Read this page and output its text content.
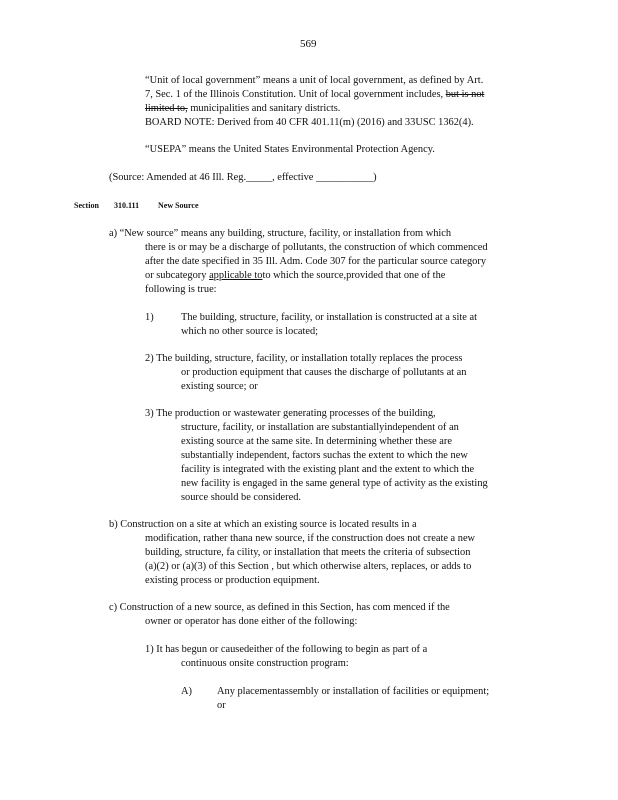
569
“Unit of local government” means a unit of local government, as defined by Art.
7, Sec. 1 of the Illinois Constitution. Unit of local government includes, but is not
limited to, municipalities and sanitary districts.
BOARD NOTE: Derived from 40 CFR 401.11(m) (2016) and 33USC 1362(4).
“USEPA” means the United States Environmental Protection Agency.
(Source: Amended at 46 Ill. Reg._____, effective ___________)
Section 310.111 New Source
a) “New source” means any building, structure, facility, or installation from which
there is or may be a discharge of pollutants, the construction of which commenced
after the date specified in 35 Ill. Adm. Code 307 for the particular source category
or subcategory applicable toto which the source,provided that one of the
following is true:
1)	The building, structure, facility, or installation is constructed at a site at
which no other source is located;
2) The building, structure, facility, or installation totally replaces the process
or production equipment that causes the discharge of pollutants at an
existing source; or
3) The production or wastewater generating processes of the building,
structure, facility, or installation are substantiallyindependent of an
existing source at the same site. In determining whether these are
substantially independent, factors suchas the extent to which the new
facility is integrated with the existing plant and the extent to which the
new facility is engaged in the same general type of activity as the existing
source should be considered.
b) Construction on a site at which an existing source is located results in a
modification, rather thana new source, if the construction does not create a new
building, structure, fa cility, or installation that meets the criteria of subsection
(a)(2) or (a)(3) of this Section , but which otherwise alters, replaces, or adds to
existing process or production equipment.
c) Construction of a new source, as defined in this Section, has com menced if the
owner or operator has done either of the following:
1) It has begun or causedeither of the following to begin as part of a
continuous onsite construction program:
A) Any placementassembly or installation of facilities or equipment;
or
